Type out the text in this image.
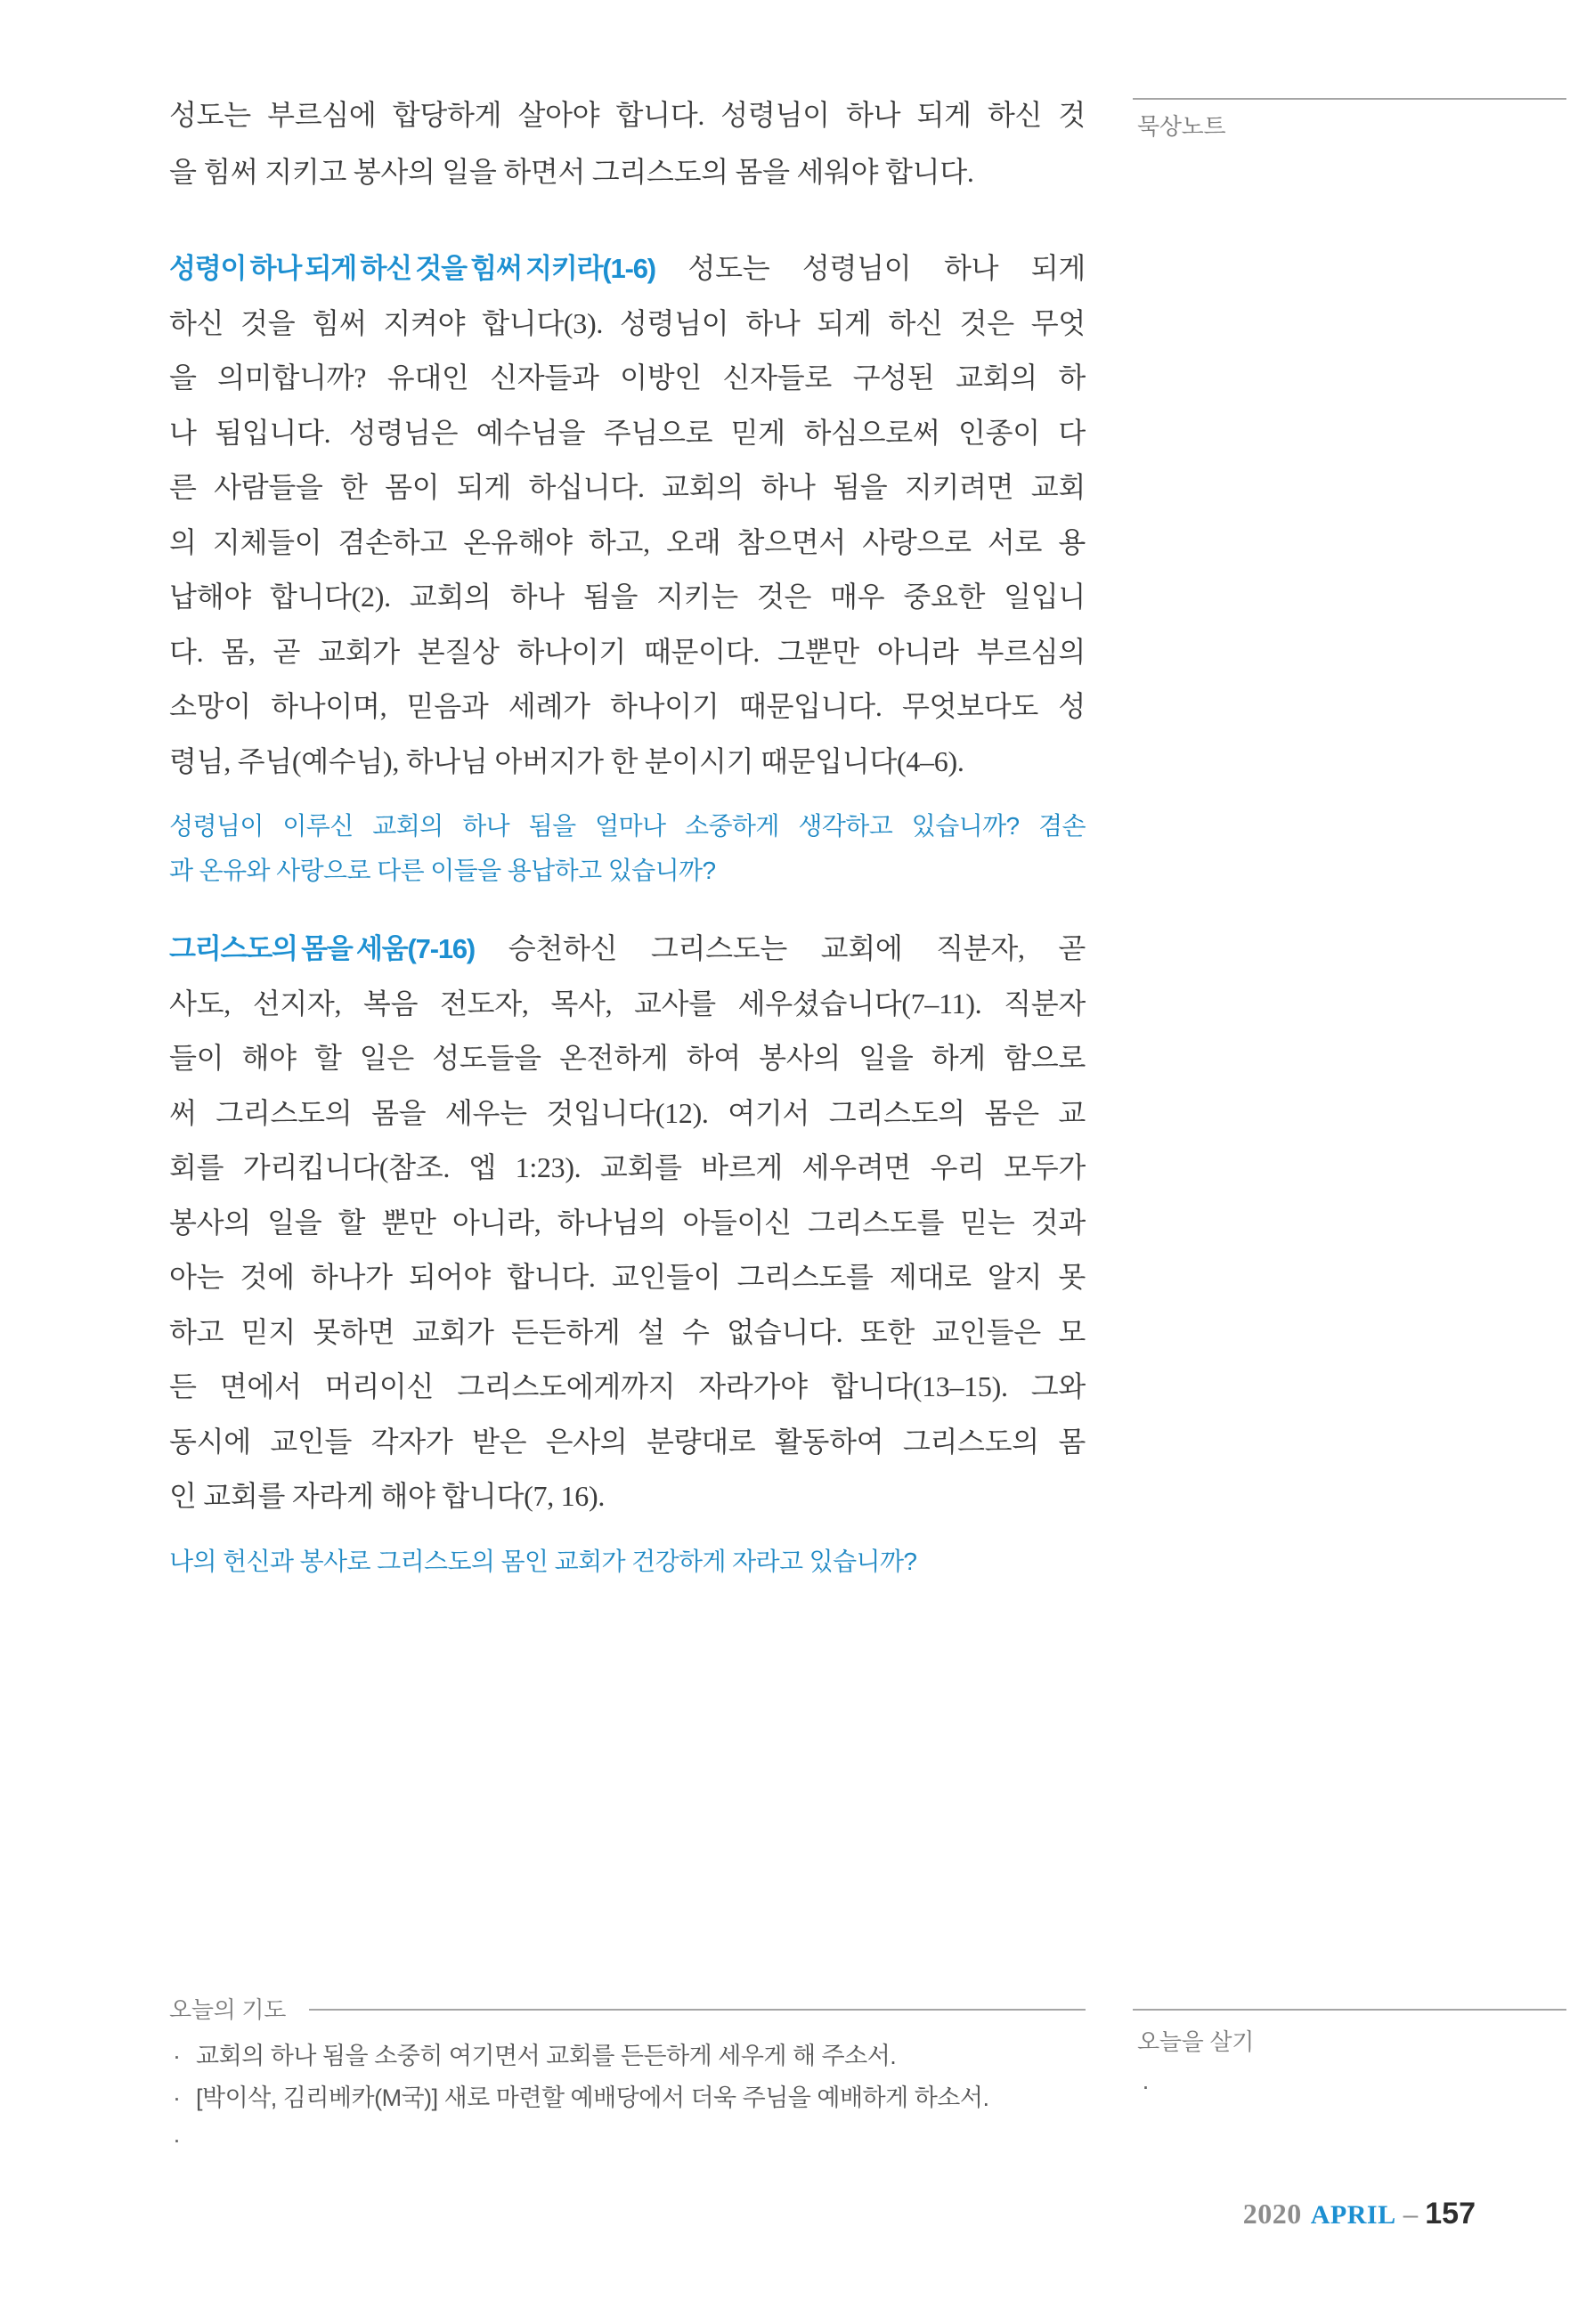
묵상노트
성도는 부르심에 합당하게 살아야 합니다. 성령님이 하나 되게 하신 것
을 힘써 지키고 봉사의 일을 하면서 그리스도의 몸을 세워야 합니다.
성령이 하나 되게 하신 것을 힘써 지키라(1-6) 성도는 성령님이 하나 되게
하신 것을 힘써 지켜야 합니다(3). 성령님이 하나 되게 하신 것은 무엇
을 의미합니까? 유대인 신자들과 이방인 신자들로 구성된 교회의 하
나 됨입니다. 성령님은 예수님을 주님으로 믿게 하심으로써 인종이 다
른 사람들을 한 몸이 되게 하십니다. 교회의 하나 됨을 지키려면 교회
의 지체들이 겸손하고 온유해야 하고, 오래 참으면서 사랑으로 서로 용
납해야 합니다(2). 교회의 하나 됨을 지키는 것은 매우 중요한 일입니
다. 몸, 곧 교회가 본질상 하나이기 때문이다. 그뿐만 아니라 부르심의
소망이 하나이며, 믿음과 세례가 하나이기 때문입니다. 무엇보다도 성
령님, 주님(예수님), 하나님 아버지가 한 분이시기 때문입니다(4–6).
성령님이 이루신 교회의 하나 됨을 얼마나 소중하게 생각하고 있습니까? 겸손
과 온유와 사랑으로 다른 이들을 용납하고 있습니까?
그리스도의 몸을 세움(7-16) 승천하신 그리스도는 교회에 직분자, 곧
사도, 선지자, 복음 전도자, 목사, 교사를 세우셨습니다(7–11). 직분자
들이 해야 할 일은 성도들을 온전하게 하여 봉사의 일을 하게 함으로
써 그리스도의 몸을 세우는 것입니다(12). 여기서 그리스도의 몸은 교
회를 가리킵니다(참조. 엡 1:23). 교회를 바르게 세우려면 우리 모두가
봉사의 일을 할 뿐만 아니라, 하나님의 아들이신 그리스도를 믿는 것과
아는 것에 하나가 되어야 합니다. 교인들이 그리스도를 제대로 알지 못
하고 믿지 못하면 교회가 든든하게 설 수 없습니다. 또한 교인들은 모
든 면에서 머리이신 그리스도에게까지 자라가야 합니다(13–15). 그와
동시에 교인들 각자가 받은 은사의 분량대로 활동하여 그리스도의 몸
인 교회를 자라게 해야 합니다(7, 16).
나의 헌신과 봉사로 그리스도의 몸인 교회가 건강하게 자라고 있습니까?
오늘의 기도
· 교회의 하나 됨을 소중히 여기면서 교회를 든든하게 세우게 해 주소서.
· [박이삭, 김리베카(M국)] 새로 마련할 예배당에서 더욱 주님을 예배하게 하소서.
·
오늘을 살기
·
2020 APRIL – 157
